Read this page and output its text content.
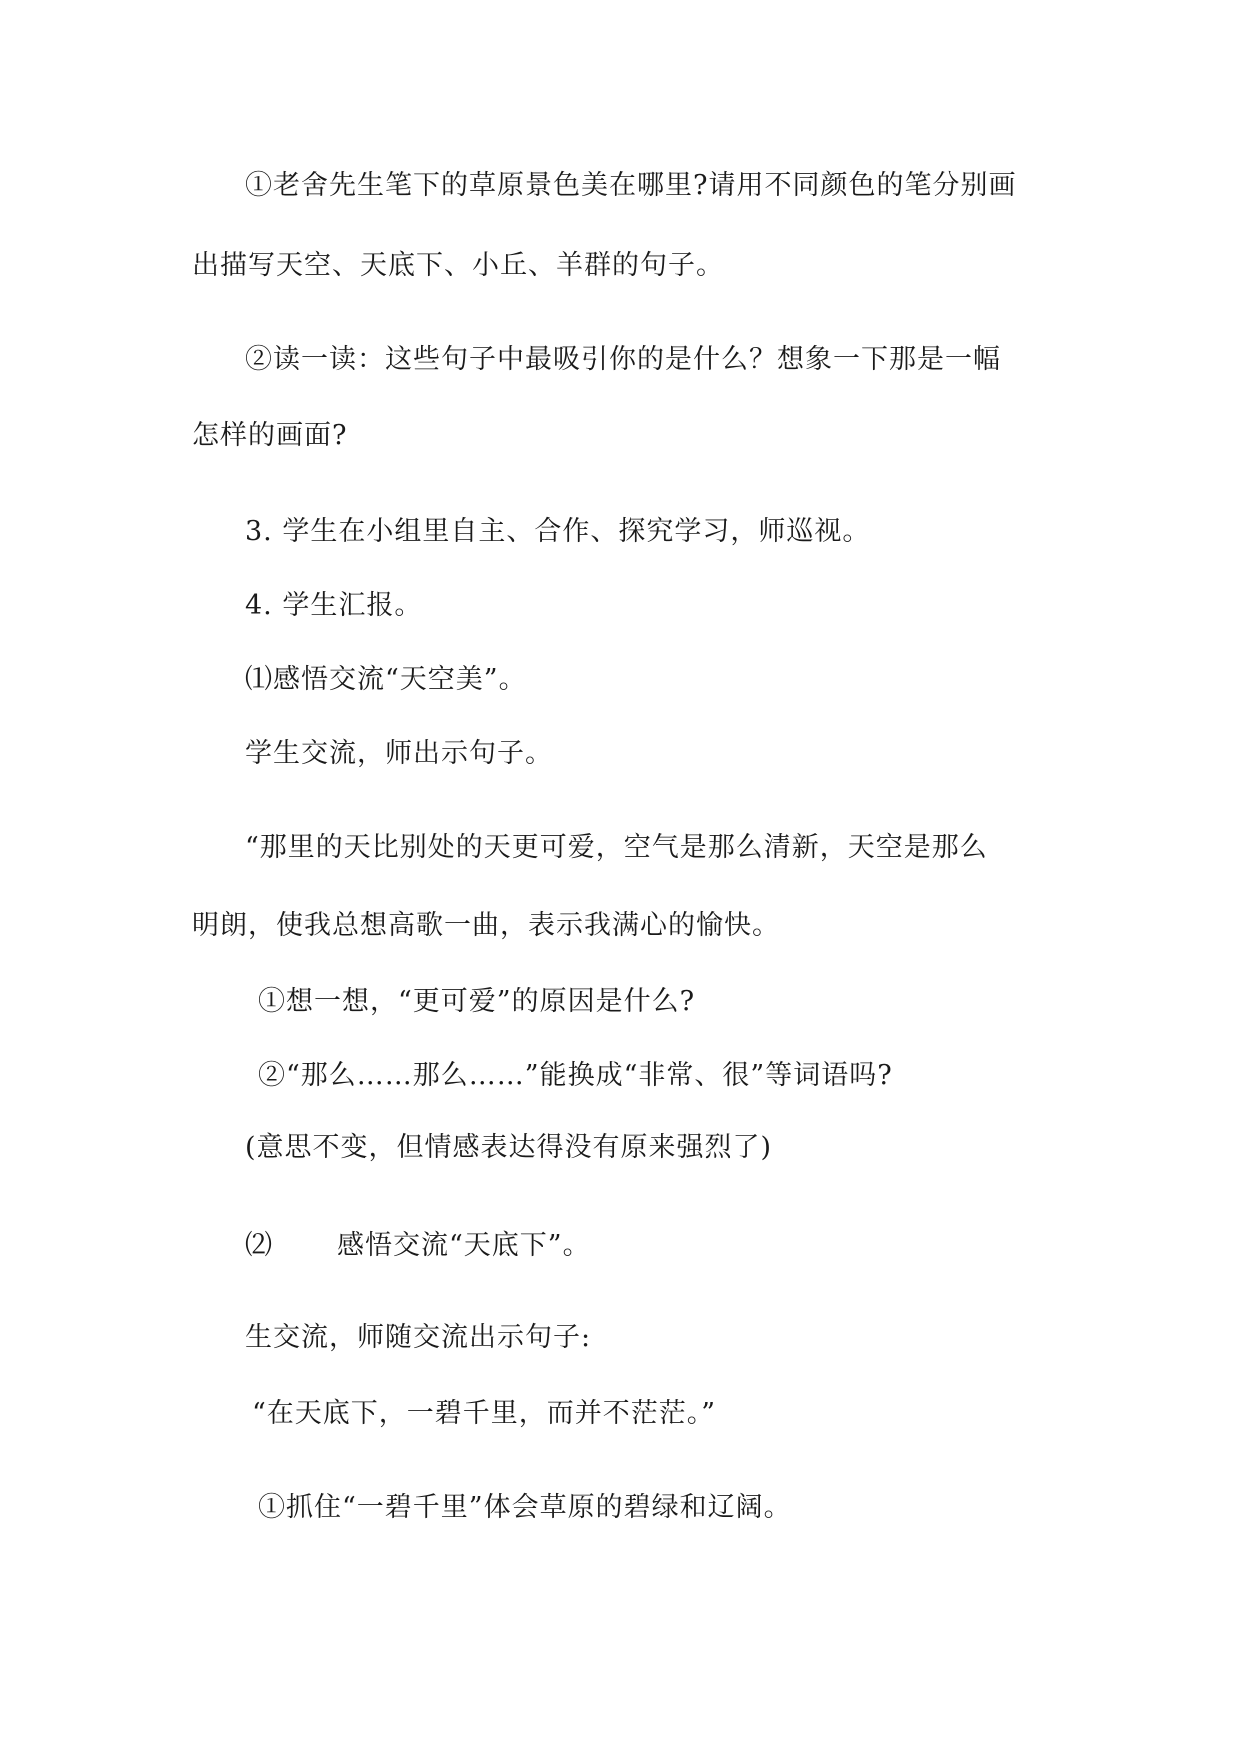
①老舍先生笔下的草原景色美在哪里?请用不同颜色的笔分别画
出描写天空、天底下、小丘、羊群的句子。
②读一读：这些句子中最吸引你的是什么？想象一下那是一幅
怎样的画面?
3. 学生在小组里自主、合作、探究学习，师巡视。
4. 学生汇报。
⑴感悟交流“天空美”。
学生交流，师出示句子。
“那里的天比别处的天更可爱，空气是那么清新，天空是那么
明朗，使我总想高歌一曲，表示我满心的愉快。
①想一想，“更可爱”的原因是什么?
②“那么……那么……”能换成“非常、很”等词语吗?
(意思不变，但情感表达得没有原来强烈了)
⑵ 感悟交流“天底下”。
生交流，师随交流出示句子:
“在天底下，一碧千里，而并不茫茫。”
①抓住“一碧千里”体会草原的碧绿和辽阔。
